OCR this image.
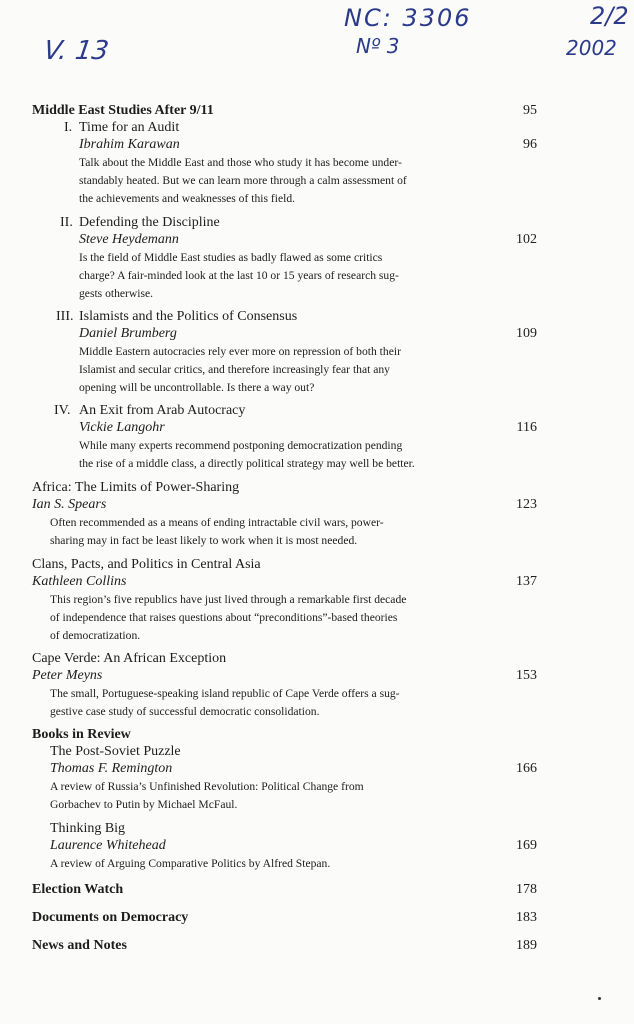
V. 13
NC: 3306
Nº 3
2/2
2002
Middle East Studies After 9/11	95
I. Time for an Audit
Ibrahim Karawan	96
Talk about the Middle East and those who study it has become under-
standably heated. But we can learn more through a calm assessment of
the achievements and weaknesses of this field.
II. Defending the Discipline
Steve Heydemann	102
Is the field of Middle East studies as badly flawed as some critics
charge? A fair-minded look at the last 10 or 15 years of research sug-
gests otherwise.
III. Islamists and the Politics of Consensus
Daniel Brumberg	109
Middle Eastern autocracies rely ever more on repression of both their
Islamist and secular critics, and therefore increasingly fear that any
opening will be uncontrollable. Is there a way out?
IV. An Exit from Arab Autocracy
Vickie Langohr	116
While many experts recommend postponing democratization pending
the rise of a middle class, a directly political strategy may well be better.
Africa: The Limits of Power-Sharing
Ian S. Spears	123
Often recommended as a means of ending intractable civil wars, power-
sharing may in fact be least likely to work when it is most needed.
Clans, Pacts, and Politics in Central Asia
Kathleen Collins	137
This region’s five republics have just lived through a remarkable first decade
of independence that raises questions about “preconditions”-based theories
of democratization.
Cape Verde: An African Exception
Peter Meyns	153
The small, Portuguese-speaking island republic of Cape Verde offers a sug-
gestive case study of successful democratic consolidation.
Books in Review
The Post-Soviet Puzzle
Thomas F. Remington	166
A review of Russia’s Unfinished Revolution: Political Change from
Gorbachev to Putin by Michael McFaul.
Thinking Big
Laurence Whitehead	169
A review of Arguing Comparative Politics by Alfred Stepan.
Election Watch	178
Documents on Democracy	183
News and Notes	189
